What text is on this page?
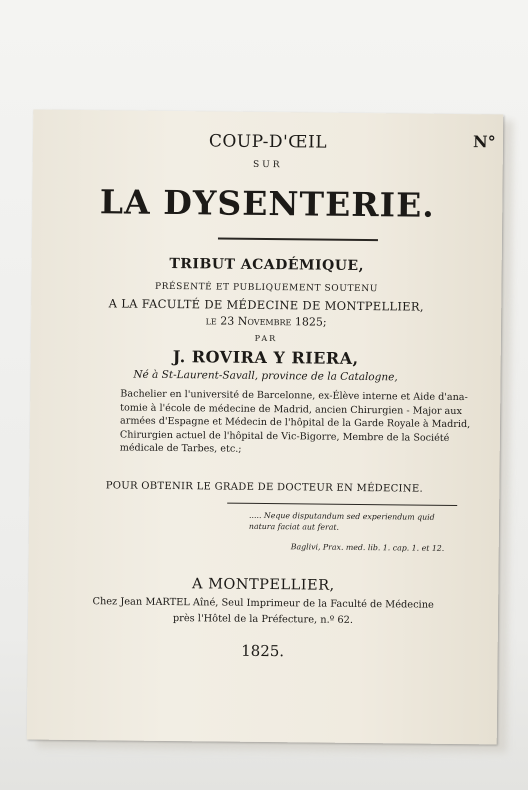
COUP-D'ŒIL	N°
SUR
LA DYSENTERIE.
TRIBUT ACADÉMIQUE,
PRÉSENTÉ ET PUBLIQUEMENT SOUTENU
A LA FACULTÉ DE MÉDECINE DE MONTPELLIER,
le 23 Novembre 1825;
PAR
J. ROVIRA Y RIERA,
Né à St-Laurent-Savall, province de la Catalogne,
Bachelier en l'université de Barcelonne, ex-Élève interne et Aide d'ana-
tomie à l'école de médecine de Madrid, ancien Chirurgien - Major aux
armées d'Espagne et Médecin de l'hôpital de la Garde Royale à Madrid,
Chirurgien actuel de l'hôpital de Vic-Bigorre, Membre de la Société
médicale de Tarbes, etc.;
POUR OBTENIR LE GRADE DE DOCTEUR EN MÉDECINE.
..... Neque disputandum sed experiendum quid
natura faciat aut ferat.
Baglivi, Prax. med. lib. 1. cap. 1. et 12.
A MONTPELLIER,
Chez Jean MARTEL Aîné, Seul Imprimeur de la Faculté de Médecine
près l'Hôtel de la Préfecture, n.º 62.
1825.
